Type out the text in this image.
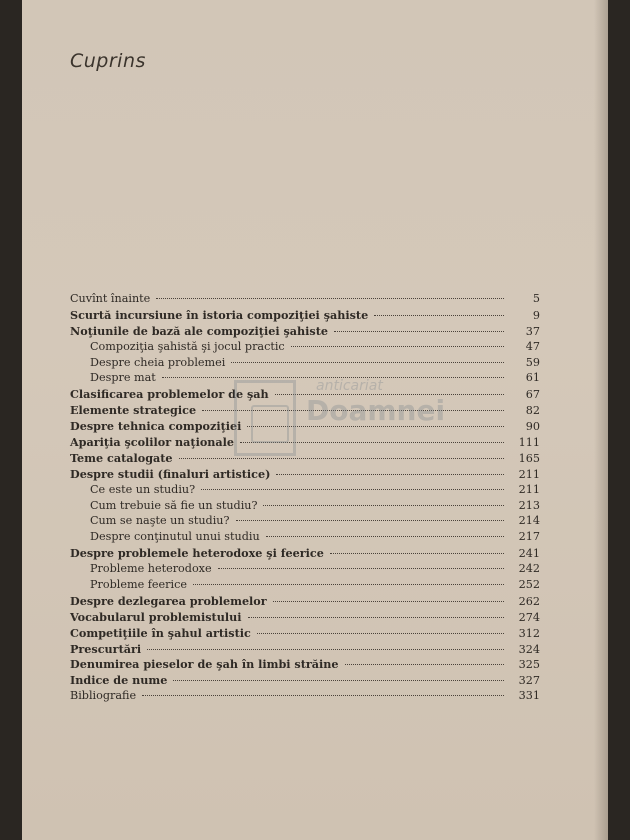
Cuprins
Cuvînt înainte	5
Scurtă incursiune în istoria compoziţiei şahiste	9
Noţiunile de bază ale compoziţiei şahiste	37
Compoziţia şahistă şi jocul practic	47
Despre cheia problemei	59
Despre mat	61
Clasificarea problemelor de şah	67
Elemente strategice	82
Despre tehnica compoziţiei	90
Apariţia şcolilor naţionale	111
Teme catalogate	165
Despre studii (finaluri artistice)	211
Ce este un studiu?	211
Cum trebuie să fie un studiu?	213
Cum se naşte un studiu?	214
Despre conţinutul unui studiu	217
Despre problemele heterodoxe şi feerice	241
Probleme heterodoxe	242
Probleme feerice	252
Despre dezlegarea problemelor	262
Vocabularul problemistului	274
Competiţiile în şahul artistic	312
Prescurtări	324
Denumirea pieselor de şah în limbi străine	325
Indice de nume	327
Bibliografie	331
anticariat
Doamnei
